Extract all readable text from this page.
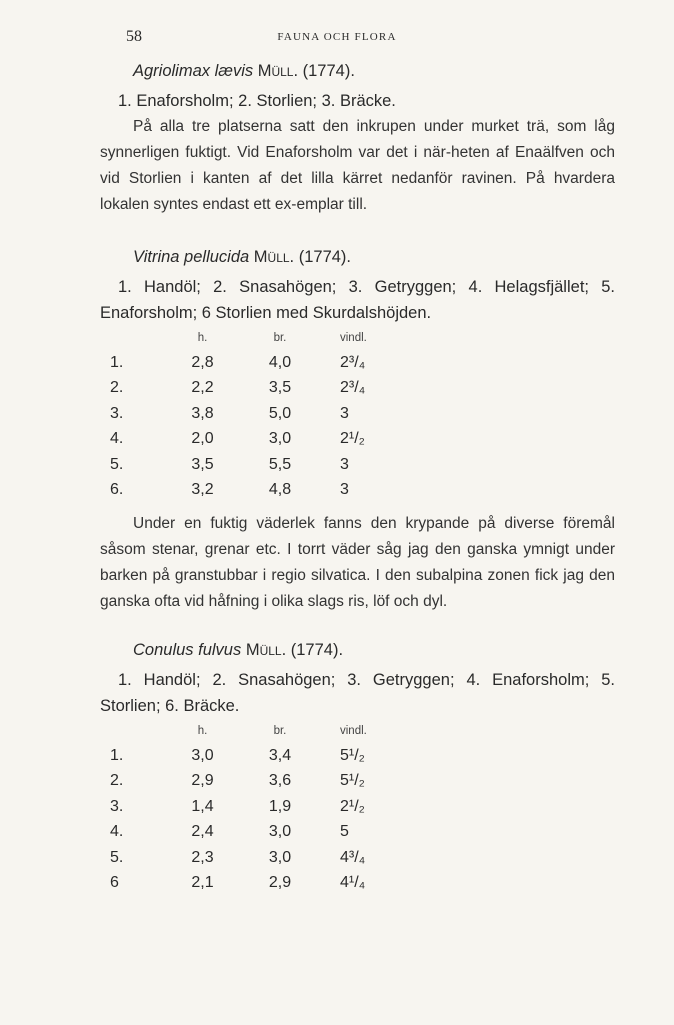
58	FAUNA OCH FLORA

Agriolimax lævis Müll. (1774).

1. Enaforsholm; 2. Storlien; 3. Bräcke.

På alla tre platserna satt den inkrupen under murket trä, som låg synnerligen fuktigt. Vid Enaforsholm var det i när-heten af Enaälfven och vid Storlien i kanten af det lilla kärret nedanför ravinen. På hvardera lokalen syntes endast ett ex-emplar till.

Vitrina pellucida Müll. (1774).

1. Handöl; 2. Snasahögen; 3. Getryggen; 4. Helagsfjället; 5. Enaforsholm; 6 Storlien med Skurdalshöjden.

	h.	br.	vindl.
1.	2,8	4,0	2³/₄
2.	2,2	3,5	2³/₄
3.	3,8	5,0	3
4.	2,0	3,0	2¹/₂
5.	3,5	5,5	3
6.	3,2	4,8	3

Under en fuktig väderlek fanns den krypande på diverse föremål såsom stenar, grenar etc. I torrt väder såg jag den ganska ymnigt under barken på granstubbar i regio silvatica. I den subalpina zonen fick jag den ganska ofta vid håfning i olika slags ris, löf och dyl.

Conulus fulvus Müll. (1774).

1. Handöl; 2. Snasahögen; 3. Getryggen; 4. Enaforsholm; 5. Storlien; 6. Bräcke.

	h.	br.	vindl.
1.	3,0	3,4	5¹/₂
2.	2,9	3,6	5¹/₂
3.	1,4	1,9	2¹/₂
4.	2,4	3,0	5
5.	2,3	3,0	4³/₄
6	2,1	2,9	4¹/₄
